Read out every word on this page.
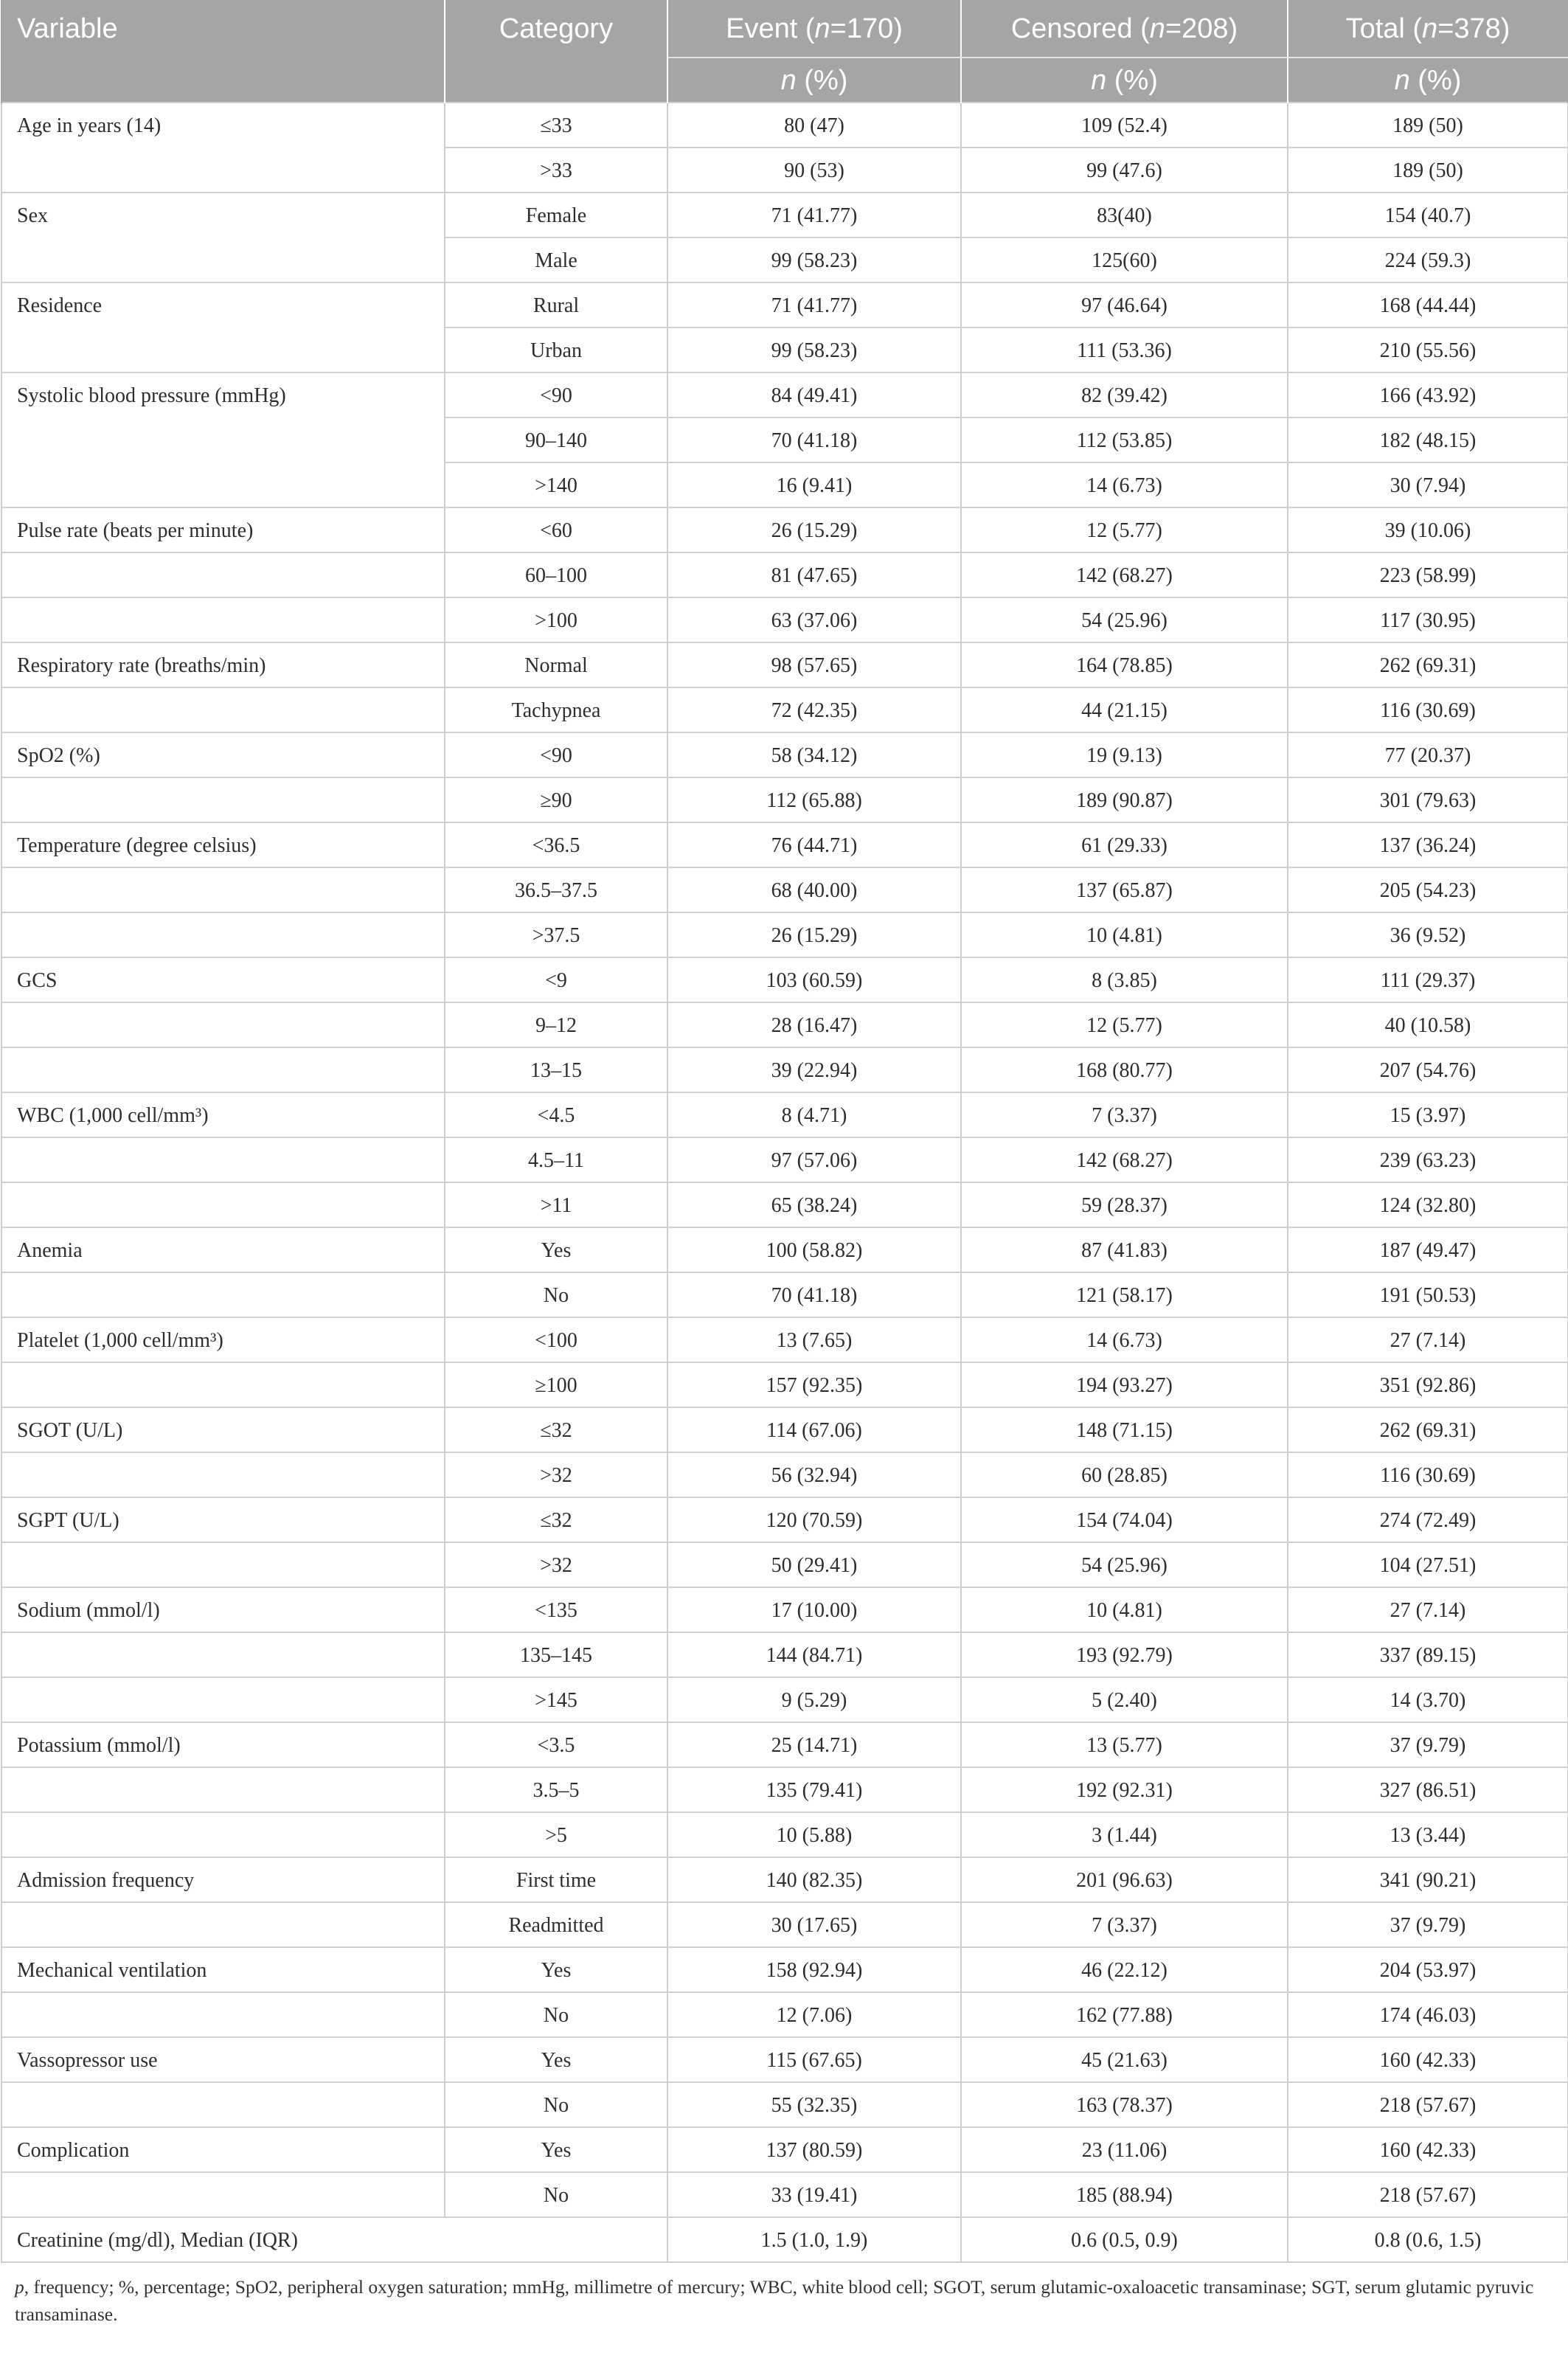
Variable	Category	Event (n=170)	Censored (n=208)	Total (n=378)
		n (%)	n (%)	n (%)
Age in years (14)	≤33	80 (47)	109 (52.4)	189 (50)
	>33	90 (53)	99 (47.6)	189 (50)
Sex	Female	71 (41.77)	83(40)	154 (40.7)
	Male	99 (58.23)	125(60)	224 (59.3)
Residence	Rural	71 (41.77)	97 (46.64)	168 (44.44)
	Urban	99 (58.23)	111 (53.36)	210 (55.56)
Systolic blood pressure (mmHg)	<90	84 (49.41)	82 (39.42)	166 (43.92)
	90–140	70 (41.18)	112 (53.85)	182 (48.15)
	>140	16 (9.41)	14 (6.73)	30 (7.94)
Pulse rate (beats per minute)	<60	26 (15.29)	12 (5.77)	39 (10.06)
	60–100	81 (47.65)	142 (68.27)	223 (58.99)
	>100	63 (37.06)	54 (25.96)	117 (30.95)
Respiratory rate (breaths/min)	Normal	98 (57.65)	164 (78.85)	262 (69.31)
	Tachypnea	72 (42.35)	44 (21.15)	116 (30.69)
SpO2 (%)	<90	58 (34.12)	19 (9.13)	77 (20.37)
	≥90	112 (65.88)	189 (90.87)	301 (79.63)
Temperature (degree celsius)	<36.5	76 (44.71)	61 (29.33)	137 (36.24)
	36.5–37.5	68 (40.00)	137 (65.87)	205 (54.23)
	>37.5	26 (15.29)	10 (4.81)	36 (9.52)
GCS	<9	103 (60.59)	8 (3.85)	111 (29.37)
	9–12	28 (16.47)	12 (5.77)	40 (10.58)
	13–15	39 (22.94)	168 (80.77)	207 (54.76)
WBC (1,000 cell/mm³)	<4.5	8 (4.71)	7 (3.37)	15 (3.97)
	4.5–11	97 (57.06)	142 (68.27)	239 (63.23)
	>11	65 (38.24)	59 (28.37)	124 (32.80)
Anemia	Yes	100 (58.82)	87 (41.83)	187 (49.47)
	No	70 (41.18)	121 (58.17)	191 (50.53)
Platelet (1,000 cell/mm³)	<100	13 (7.65)	14 (6.73)	27 (7.14)
	≥100	157 (92.35)	194 (93.27)	351 (92.86)
SGOT (U/L)	≤32	114 (67.06)	148 (71.15)	262 (69.31)
	>32	56 (32.94)	60 (28.85)	116 (30.69)
SGPT (U/L)	≤32	120 (70.59)	154 (74.04)	274 (72.49)
	>32	50 (29.41)	54 (25.96)	104 (27.51)
Sodium (mmol/l)	<135	17 (10.00)	10 (4.81)	27 (7.14)
	135–145	144 (84.71)	193 (92.79)	337 (89.15)
	>145	9 (5.29)	5 (2.40)	14 (3.70)
Potassium (mmol/l)	<3.5	25 (14.71)	13 (5.77)	37 (9.79)
	3.5–5	135 (79.41)	192 (92.31)	327 (86.51)
	>5	10 (5.88)	3 (1.44)	13 (3.44)
Admission frequency	First time	140 (82.35)	201 (96.63)	341 (90.21)
	Readmitted	30 (17.65)	7 (3.37)	37 (9.79)
Mechanical ventilation	Yes	158 (92.94)	46 (22.12)	204 (53.97)
	No	12 (7.06)	162 (77.88)	174 (46.03)
Vassopressor use	Yes	115 (67.65)	45 (21.63)	160 (42.33)
	No	55 (32.35)	163 (78.37)	218 (57.67)
Complication	Yes	137 (80.59)	23 (11.06)	160 (42.33)
	No	33 (19.41)	185 (88.94)	218 (57.67)
Creatinine (mg/dl), Median (IQR)		1.5 (1.0, 1.9)	0.6 (0.5, 0.9)	0.8 (0.6, 1.5)
p, frequency; %, percentage; SpO2, peripheral oxygen saturation; mmHg, millimetre of mercury; WBC, white blood cell; SGOT, serum glutamic-oxaloacetic transaminase; SGT, serum glutamic pyruvic transaminase.
